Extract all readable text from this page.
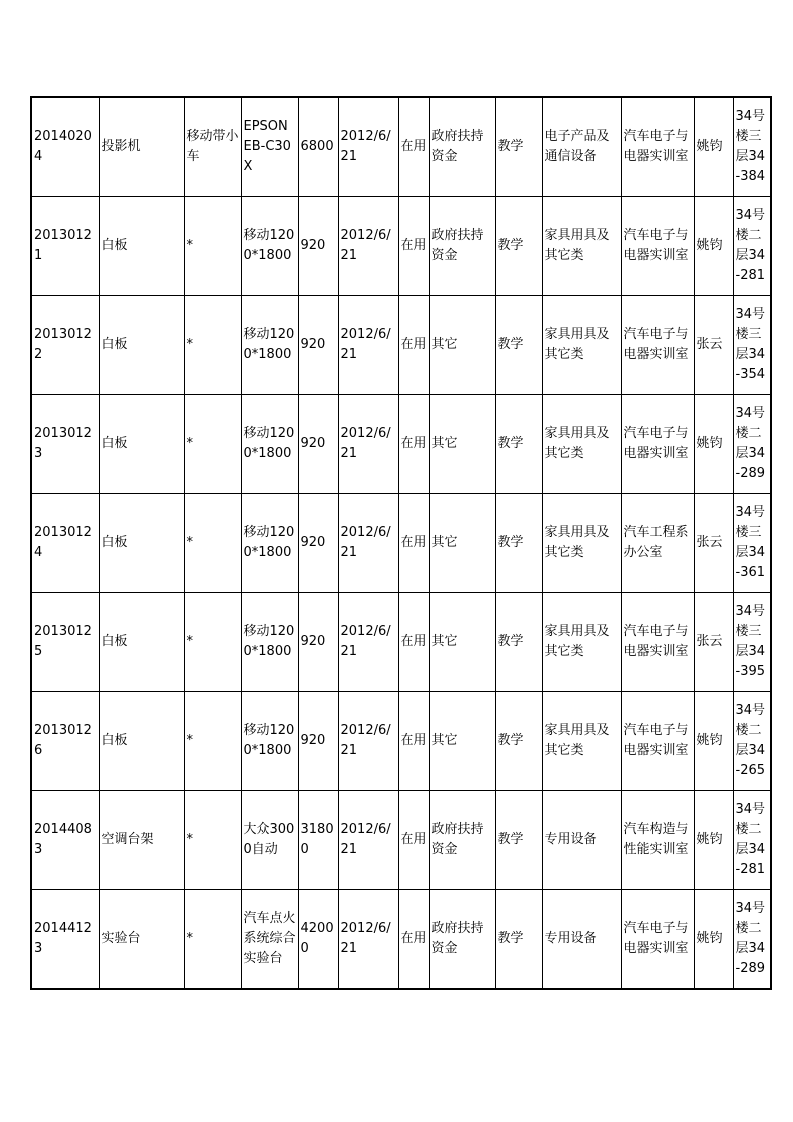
20140204	投影机	移动带小车	EPSON EB-C30X	6800	2012/6/21	在用	政府扶持资金	教学	电子产品及通信设备	汽车电子与电器实训室	姚钧	34号楼三层34-384
20130121	白板	*	移动1200*1800	920	2012/6/21	在用	政府扶持资金	教学	家具用具及其它类	汽车电子与电器实训室	姚钧	34号楼二层34-281
20130122	白板	*	移动1200*1800	920	2012/6/21	在用	其它	教学	家具用具及其它类	汽车电子与电器实训室	张云	34号楼三层34-354
20130123	白板	*	移动1200*1800	920	2012/6/21	在用	其它	教学	家具用具及其它类	汽车电子与电器实训室	姚钧	34号楼二层34-289
20130124	白板	*	移动1200*1800	920	2012/6/21	在用	其它	教学	家具用具及其它类	汽车工程系办公室	张云	34号楼三层34-361
20130125	白板	*	移动1200*1800	920	2012/6/21	在用	其它	教学	家具用具及其它类	汽车电子与电器实训室	张云	34号楼三层34-395
20130126	白板	*	移动1200*1800	920	2012/6/21	在用	其它	教学	家具用具及其它类	汽车电子与电器实训室	姚钧	34号楼二层34-265
20144083	空调台架	*	大众3000自动	31800	2012/6/21	在用	政府扶持资金	教学	专用设备	汽车构造与性能实训室	姚钧	34号楼二层34-281
20144123	实验台	*	汽车点火系统综合实验台	42000	2012/6/21	在用	政府扶持资金	教学	专用设备	汽车电子与电器实训室	姚钧	34号楼二层34-289
